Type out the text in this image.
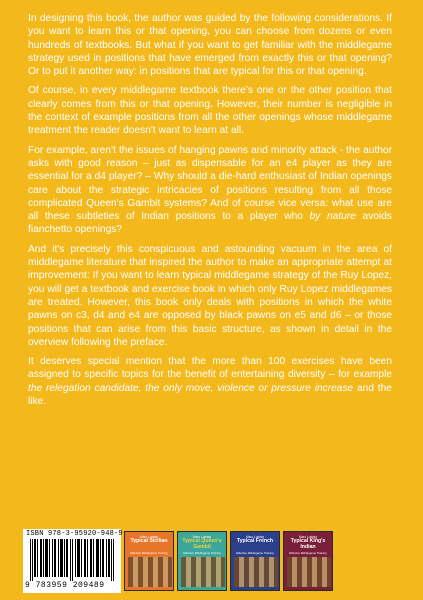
In designing this book, the author was guided by the following considerations. If you want to learn this or that opening, you can choose from dozens or even hundreds of textbooks. But what if you want to get familiar with the middlegame strategy used in positions that have emerged from exactly this or that opening? Or to put it another way: in positions that are typical for this or that opening.

Of course, in every middlegame textbook there’s one or the other position that clearly comes from this or that opening. However, their number is negligible in the context of example positions from all the other openings whose middlegame treatment the reader doesn't want to learn at all.

For example, aren’t the issues of hanging pawns and minority attack - the author asks with good reason – just as dispensable for an e4 player as they are essential for a d4 player? – Why should a die-hard enthusiast of Indian openings care about the strategic intricacies of positions resulting from all those complicated Queen's Gambit systems? And of course vice versa: what use are all these subtleties of Indian positions to a player who by nature avoids fianchetto openings?

And it's precisely this conspicuous and astounding vacuum in the area of middlegame literature that inspired the author to make an appropriate attempt at improvement: If you want to learn typical middlegame strategy of the Ruy Lopez, you will get a textbook and exercise book in which only Ruy Lopez middlegames are treated. However, this book only deals with positions in which the white pawns on c3, d4 and e4 are opposed by black pawns on e5 and d6 – or those positions that can arise from this basic structure, as shown in detail in the overview following the preface.

It deserves special mention that the more than 100 exercises have been assigned to specific topics for the benefit of entertaining diversity – for example the relegation candidate, the only move, violence or pressure increase and the like.

ISBN 978-3-95920-948-9
9 783959 209489
Marc Ludwig
Typical Sicilian
Effective Middlegame Training
Marc Ludwig
Typical Queen's Gambit
Effective Middlegame Training
Marc Ludwig
Typical French
Effective Middlegame Training
Marc Ludwig
Typical King's Indian
Effective Middlegame Training
